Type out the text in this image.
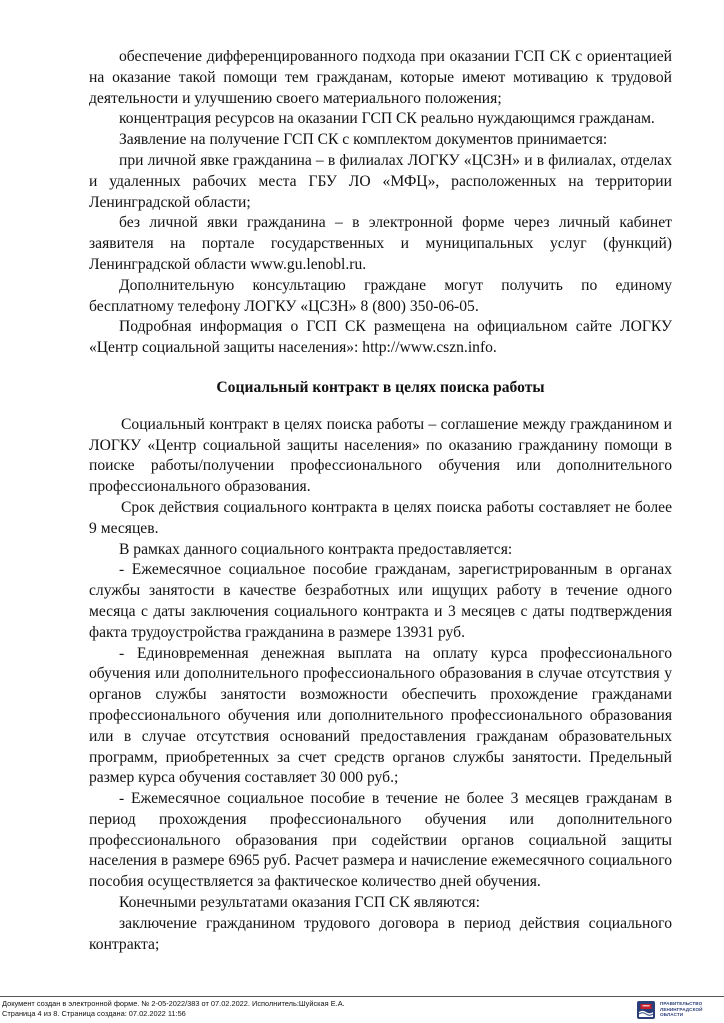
обеспечение дифференцированного подхода при оказании ГСП СК с ориентацией на оказание такой помощи тем гражданам, которые имеют мотивацию к трудовой деятельности и улучшению своего материального положения;

концентрация ресурсов на оказании ГСП СК реально нуждающимся гражданам.

Заявление на получение ГСП СК с комплектом документов принимается:

при личной явке гражданина – в филиалах ЛОГКУ «ЦСЗН» и в филиалах, отделах и удаленных рабочих места ГБУ ЛО «МФЦ», расположенных на территории Ленинградской области;

без личной явки гражданина – в электронной форме через личный кабинет заявителя на портале государственных и муниципальных услуг (функций) Ленинградской области www.gu.lenobl.ru.

Дополнительную консультацию граждане могут получить по единому бесплатному телефону ЛОГКУ «ЦСЗН» 8 (800) 350-06-05.

Подробная информация о ГСП СК размещена на официальном сайте ЛОГКУ «Центр социальной защиты населения»: http://www.cszn.info.

Социальный контракт в целях поиска работы

Социальный контракт в целях поиска работы – соглашение между гражданином и ЛОГКУ «Центр социальной защиты населения» по оказанию гражданину помощи в поиске работы/получении профессионального обучения или дополнительного профессионального образования.

Срок действия социального контракта в целях поиска работы составляет не более 9 месяцев.

В рамках данного социального контракта предоставляется:

- Ежемесячное социальное пособие гражданам, зарегистрированным в органах службы занятости в качестве безработных или ищущих работу в течение одного месяца с даты заключения социального контракта и 3 месяцев с даты подтверждения факта трудоустройства гражданина в размере 13931 руб.

- Единовременная денежная выплата на оплату курса профессионального обучения или дополнительного профессионального образования в случае отсутствия у органов службы занятости возможности обеспечить прохождение гражданами профессионального обучения или дополнительного профессионального образования или в случае отсутствия оснований предоставления гражданам образовательных программ, приобретенных за счет средств органов службы занятости. Предельный размер курса обучения составляет 30 000 руб.;

- Ежемесячное социальное пособие в течение не более 3 месяцев гражданам в период прохождения профессионального обучения или дополнительного профессионального образования при содействии органов социальной защиты населения в размере 6965 руб. Расчет размера и начисление ежемесячного социального пособия осуществляется за фактическое количество дней обучения.

Конечными результатами оказания ГСП СК являются:

заключение гражданином трудового договора в период действия социального контракта;

Документ создан в электронной форме. № 2-05-2022/383 от 07.02.2022. Исполнитель:Шуйская Е.А.
Страница 4 из 8. Страница создана: 07.02.2022 11:56
ПРАВИТЕЛЬСТВО
ЛЕНИНГРАДСКОЙ
ОБЛАСТИ
